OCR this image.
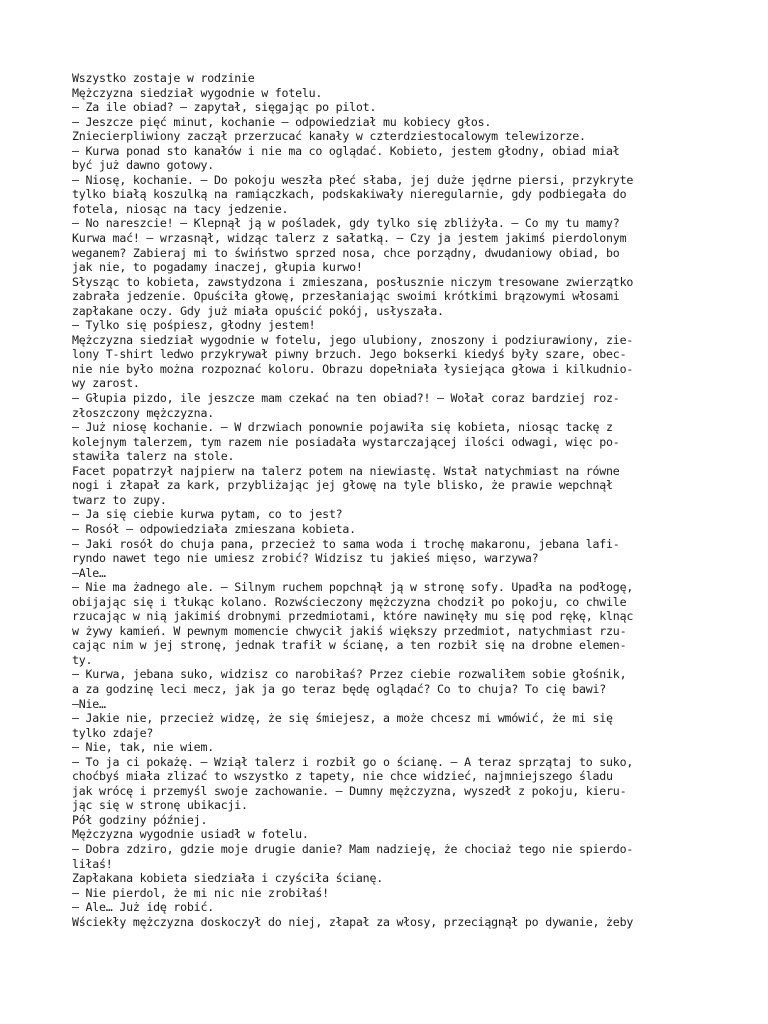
Wszystko zostaje w rodzinie
Mężczyzna siedział wygodnie w fotelu.
– Za ile obiad? – zapytał, sięgając po pilot.
– Jeszcze pięć minut, kochanie – odpowiedział mu kobiecy głos.
Zniecierpliwiony zaczął przerzucać kanały w czterdziestocalowym telewizorze.
– Kurwa ponad sto kanałów i nie ma co oglądać. Kobieto, jestem głodny, obiad miał
być już dawno gotowy.
– Niosę, kochanie. – Do pokoju weszła płeć słaba, jej duże jędrne piersi, przykryte
tylko białą koszulką na ramiączkach, podskakiwały nieregularnie, gdy podbiegała do
fotela, niosąc na tacy jedzenie.
– No nareszcie! – Klepnął ją w pośladek, gdy tylko się zbliżyła. – Co my tu mamy?
Kurwa mać! – wrzasnął, widząc talerz z sałatką. – Czy ja jestem jakimś pierdolonym
weganem? Zabieraj mi to świństwo sprzed nosa, chce porządny, dwudaniowy obiad, bo
jak nie, to pogadamy inaczej, głupia kurwo!
Słysząc to kobieta, zawstydzona i zmieszana, posłusznie niczym tresowane zwierzątko
zabrała jedzenie. Opuściła głowę, przesłaniając swoimi krótkimi brązowymi włosami
zapłakane oczy. Gdy już miała opuścić pokój, usłyszała.
– Tylko się pośpiesz, głodny jestem!
Mężczyzna siedział wygodnie w fotelu, jego ulubiony, znoszony i podziurawiony, zie-
lony T-shirt ledwo przykrywał piwny brzuch. Jego bokserki kiedyś były szare, obec-
nie nie było można rozpoznać koloru. Obrazu dopełniała łysiejąca głowa i kilkudnio-
wy zarost.
– Głupia pizdo, ile jeszcze mam czekać na ten obiad?! – Wołał coraz bardziej roz-
złoszczony mężczyzna.
– Już niosę kochanie. – W drzwiach ponownie pojawiła się kobieta, niosąc tackę z
kolejnym talerzem, tym razem nie posiadała wystarczającej ilości odwagi, więc po-
stawiła talerz na stole.
Facet popatrzył najpierw na talerz potem na niewiastę. Wstał natychmiast na równe
nogi i złapał za kark, przybliżając jej głowę na tyle blisko, że prawie wepchnął
twarz to zupy.
– Ja się ciebie kurwa pytam, co to jest?
– Rosół – odpowiedziała zmieszana kobieta.
– Jaki rosół do chuja pana, przecież to sama woda i trochę makaronu, jebana lafi-
ryndo nawet tego nie umiesz zrobić? Widzisz tu jakieś mięso, warzywa?
–Ale…
– Nie ma żadnego ale. – Silnym ruchem popchnął ją w stronę sofy. Upadła na podłogę,
obijając się i tłukąc kolano. Rozwścieczony mężczyzna chodził po pokoju, co chwile
rzucając w nią jakimiś drobnymi przedmiotami, które nawinęły mu się pod rękę, klnąc
w żywy kamień. W pewnym momencie chwycił jakiś większy przedmiot, natychmiast rzu-
cając nim w jej stronę, jednak trafił w ścianę, a ten rozbił się na drobne elemen-
ty.
– Kurwa, jebana suko, widzisz co narobiłaś? Przez ciebie rozwaliłem sobie głośnik,
a za godzinę leci mecz, jak ja go teraz będę oglądać? Co to chuja? To cię bawi?
–Nie…
– Jakie nie, przecież widzę, że się śmiejesz, a może chcesz mi wmówić, że mi się
tylko zdaje?
– Nie, tak, nie wiem.
– To ja ci pokażę. – Wziął talerz i rozbił go o ścianę. – A teraz sprzątaj to suko,
choćbyś miała zlizać to wszystko z tapety, nie chce widzieć, najmniejszego śladu
jak wrócę i przemyśl swoje zachowanie. – Dumny mężczyzna, wyszedł z pokoju, kieru-
jąc się w stronę ubikacji.
Pół godziny później.
Mężczyzna wygodnie usiadł w fotelu.
– Dobra zdziro, gdzie moje drugie danie? Mam nadzieję, że chociaż tego nie spierdo-
liłaś!
Zapłakana kobieta siedziała i czyściła ścianę.
– Nie pierdol, że mi nic nie zrobiłaś!
– Ale… Już idę robić.
Wściekły mężczyzna doskoczył do niej, złapał za włosy, przeciągnął po dywanie, żeby
